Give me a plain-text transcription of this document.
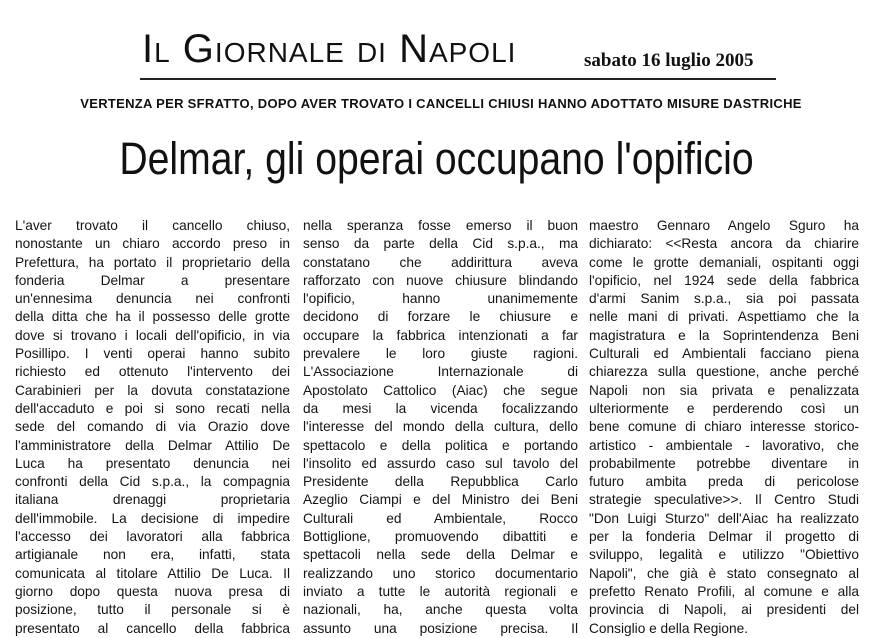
Il Giornale di Napoli	sabato 16 luglio 2005
VERTENZA PER SFRATTO, DOPO AVER TROVATO I CANCELLI CHIUSI HANNO ADOTTATO MISURE DASTRICHE
Delmar, gli operai occupano l'opificio
L'aver trovato il cancello chiuso,
nonostante un chiaro accordo preso in
Prefettura, ha portato il proprietario della
fonderia Delmar a presentare
un'ennesima denuncia nei confronti
della ditta che ha il possesso delle grotte
dove si trovano i locali dell'opificio, in via
Posillipo. I venti operai hanno subito
richiesto ed ottenuto l'intervento dei
Carabinieri per la dovuta constatazione
dell'accaduto e poi si sono recati nella
sede del comando di via Orazio dove
l'amministratore della Delmar Attilio De
Luca ha presentato denuncia nei
confronti della Cid s.p.a., la compagnia
italiana drenaggi proprietaria
dell'immobile. La decisione di impedire
l'accesso dei lavoratori alla fabbrica
artigianale non era, infatti, stata
comunicata al titolare Attilio De Luca. Il
giorno dopo questa nuova presa di
posizione, tutto il personale si è
presentato al cancello della fabbrica
nella speranza fosse emerso il buon
senso da parte della Cid s.p.a., ma
constatano che addirittura aveva
rafforzato con nuove chiusure blindando
l'opificio, hanno unanimemente
decidono di forzare le chiusure e
occupare la fabbrica intenzionati a far
prevalere le loro giuste ragioni.
L'Associazione Internazionale di
Apostolato Cattolico (Aiac) che segue
da mesi la vicenda focalizzando
l'interesse del mondo della cultura, dello
spettacolo e della politica e portando
l'insolito ed assurdo caso sul tavolo del
Presidente della Repubblica Carlo
Azeglio Ciampi e del Ministro dei Beni
Culturali ed Ambientale, Rocco
Bottiglione, promuovendo dibattiti e
spettacoli nella sede della Delmar e
realizzando uno storico documentario
inviato a tutte le autorità regionali e
nazionali, ha, anche questa volta
assunto una posizione precisa. Il
maestro Gennaro Angelo Sguro ha
dichiarato: <<Resta ancora da chiarire
come le grotte demaniali, ospitanti oggi
l'opificio, nel 1924 sede della fabbrica
d'armi Sanim s.p.a., sia poi passata
nelle mani di privati. Aspettiamo che la
magistratura e la Soprintendenza Beni
Culturali ed Ambientali facciano piena
chiarezza sulla questione, anche perché
Napoli non sia privata e penalizzata
ulteriormente e perderendo così un
bene comune di chiaro interesse storico-
artistico - ambientale - lavorativo, che
probabilmente potrebbe diventare in
futuro ambita preda di pericolose
strategie speculative>>. Il Centro Studi
"Don Luigi Sturzo" dell'Aiac ha realizzato
per la fonderia Delmar il progetto di
sviluppo, legalità e utilizzo "Obiettivo
Napoli", che già è stato consegnato al
prefetto Renato Profili, al comune e alla
provincia di Napoli, ai presidenti del
Consiglio e della Regione.
